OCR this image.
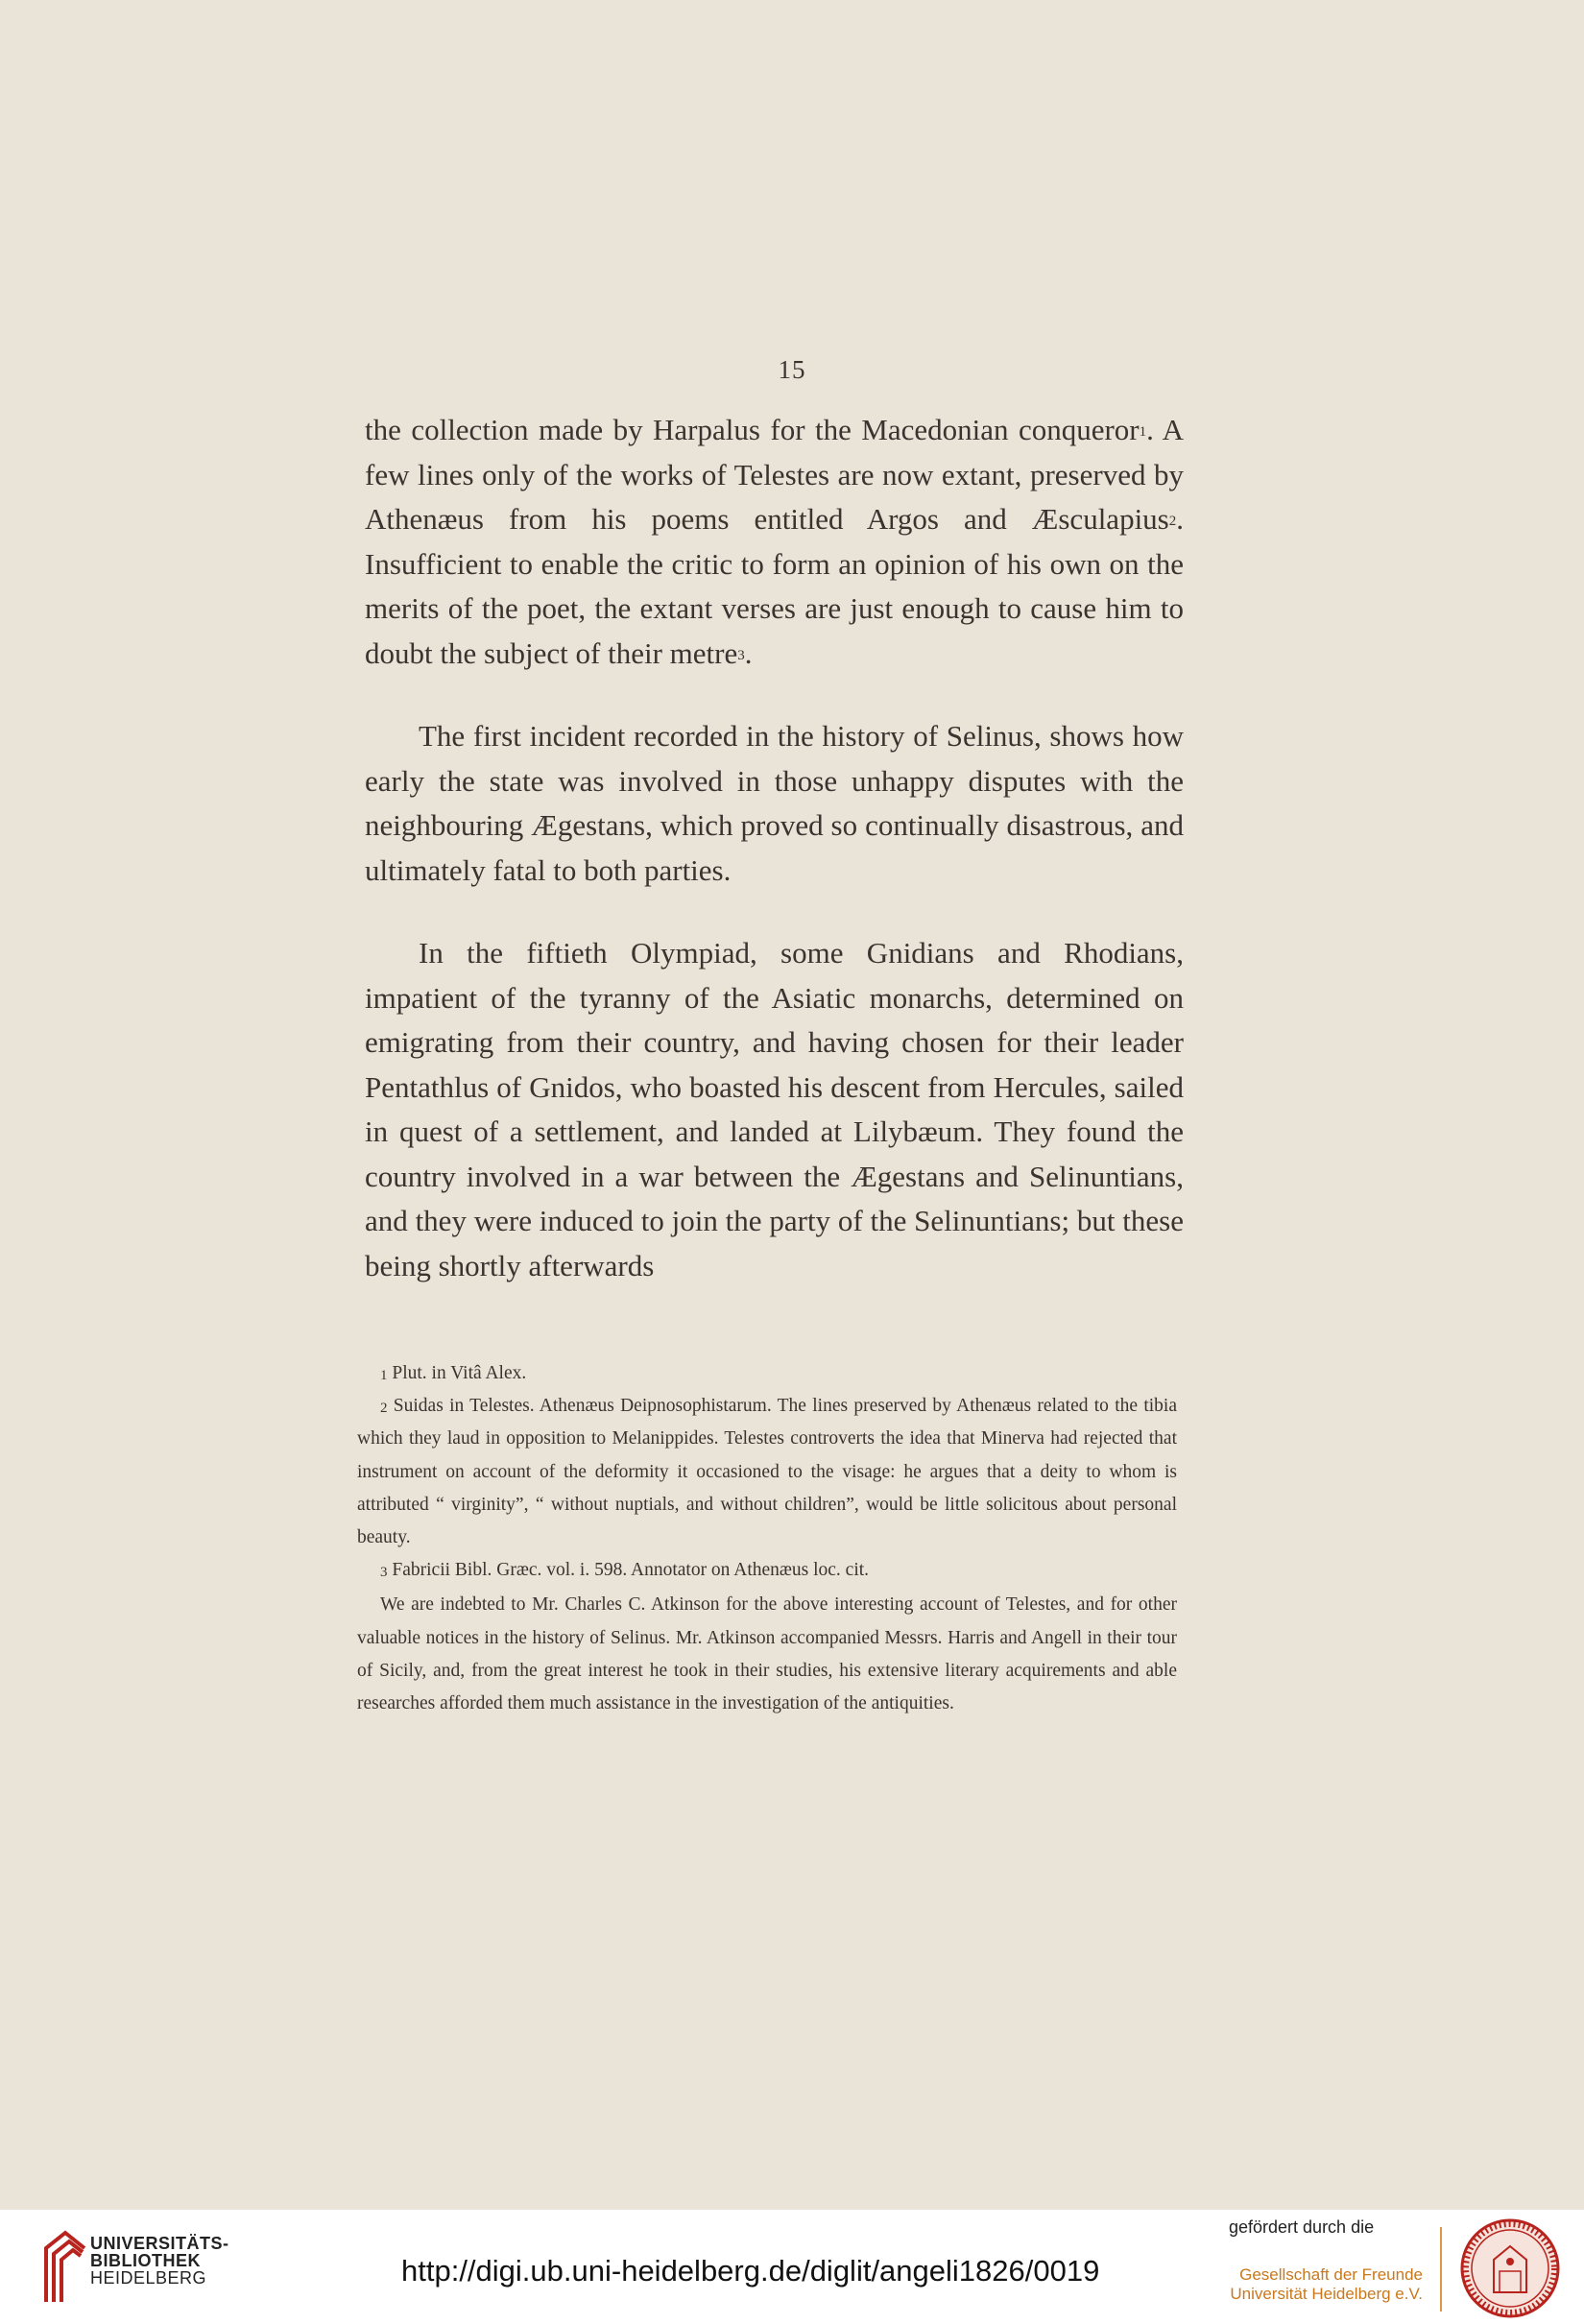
15

the collection made by Harpalus for the Macedonian conqueror$^1$. A few lines only of the works of Telestes are now extant, preserved by Athenæus from his poems entitled Argos and Æsculapius$^2$. Insufficient to enable the critic to form an opinion of his own on the merits of the poet, the extant verses are just enough to cause him to doubt the subject of their metre$^3$.

The first incident recorded in the history of Selinus, shows how early the state was involved in those unhappy disputes with the neighbouring Ægestans, which proved so continually disastrous, and ultimately fatal to both parties.

In the fiftieth Olympiad, some Gnidians and Rhodians, impatient of the tyranny of the Asiatic monarchs, determined on emigrating from their country, and having chosen for their leader Pentathlus of Gnidos, who boasted his descent from Hercules, sailed in quest of a settlement, and landed at Lilybæum. They found the country involved in a war between the Ægestans and Selinuntians, and they were induced to join the party of the Selinuntians; but these being shortly afterwards

$^1$ Plut. in Vitâ Alex.

$^2$ Suidas in Telestes. Athenæus Deipnosophistarum. The lines preserved by Athenæus related to the tibia which they laud in opposition to Melanippides. Telestes controverts the idea that Minerva had rejected that instrument on account of the deformity it occasioned to the visage: he argues that a deity to whom is attributed “ virginity”, “ without nuptials, and without children”, would be little solicitous about personal beauty.

$^3$ Fabricii Bibl. Græc. vol. i. 598. Annotator on Athenæus loc. cit.

We are indebted to Mr. Charles C. Atkinson for the above interesting account of Telestes, and for other valuable notices in the history of Selinus. Mr. Atkinson accompanied Messrs. Harris and Angell in their tour of Sicily, and, from the great interest he took in their studies, his extensive literary acquirements and able researches afforded them much assistance in the investigation of the antiquities.

UNIVERSITÄTS-
BIBLIOTHEK
HEIDELBERG	http://digi.ub.uni-heidelberg.de/diglit/angeli1826/0019
gefördert durch die
Gesellschaft der Freunde
Universität Heidelberg e.V.
